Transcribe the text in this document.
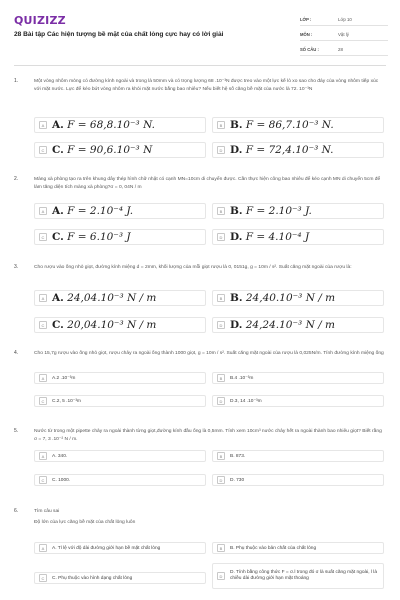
QUIZIZZ
28 Bài tập Các hiện tượng bề mặt của chất lỏng cực hay có lời giải
LỚP :	Lớp 10
MÔN :	Vật lý
SỐ CÂU :	28
1.	Một vòng nhôm mỏng có đường kính ngoài và trong là 50mm và có trọng lượng 68 .10⁻³N được treo vào một lực kế lò xo sao cho đáy của vòng nhôm tiếp xúc với mặt nước. Lực để kéo bứt vòng nhôm ra khỏi mặt nước bằng bao nhiêu? Nếu biết hệ số căng bề mặt của nước là 72. 10⁻³N
A A. F = 68,8.10⁻³ N.	B B. F = 86,7.10⁻³ N.
C C. F = 90,6.10⁻³ N	D D. F = 72,4.10⁻³ N.
2.	Màng xà phòng tạo ra trên khung dây thép hình chữ nhật có cạnh MN=10cm di chuyển được. Cần thực hiện công bao nhiêu để kéo cạnh MN di chuyển 5cm để làm tăng diện tích màng xà phòng?σ = 0, 04N / m
A A. F = 2.10⁻⁴ J.	B B. F = 2.10⁻³ J.
C C. F = 6.10⁻³ J	D D. F = 4.10⁻⁴ J
3.	Cho rượu vào ống nhỏ giọt, đường kính miệng d = 2mm, khối lượng của mỗi giọt rượu là 0, 0151g, g = 10m / s². Suất căng mặt ngoài của rượu là:
A A. 24,04.10⁻³ N / m	B B. 24,40.10⁻³ N / m
C C. 20,04.10⁻³ N / m	D D. 24,24.10⁻³ N / m
4.	Cho 15,7g rượu vào ống nhỏ giọt, rượu chảy ra ngoài ống thành 1000 giọt, g = 10m / s². Suất căng mặt ngoài của rượu là 0,025N/m. Tính đường kính miệng ống
A	A.2 .10⁻³m	B	B.4 .10⁻³m
C	C.2, 5 .10⁻³m	D	D.3, 14 .10⁻³m
5.	Nước từ trong một pipette chảy ra ngoài thành từng giọt,đường kính đầu ống là 0,5mm. Tính xem 10cm³ nước chảy hết ra ngoài thành bao nhiêu giọt? Biết rằng σ = 7, 3 .10⁻² N / m.
A	A. 340.	B	B. 873.
C	C. 1000.	D	D. 730
6.	Tìm câu sai
Độ lớn của lực căng bề mặt của chất lỏng luôn
A	A. Tỉ lệ với độ dài đường giới hạn bề mặt chất lỏng	B	B. Phụ thuộc vào bản chất của chất lỏng
C	C. Phụ thuộc vào hình dạng chất lỏng	D
D. Tính bằng công thức F = σ.l trong đó σ là suất căng mặt ngoài, l là chiều dài đường giới hạn mặt thoáng
